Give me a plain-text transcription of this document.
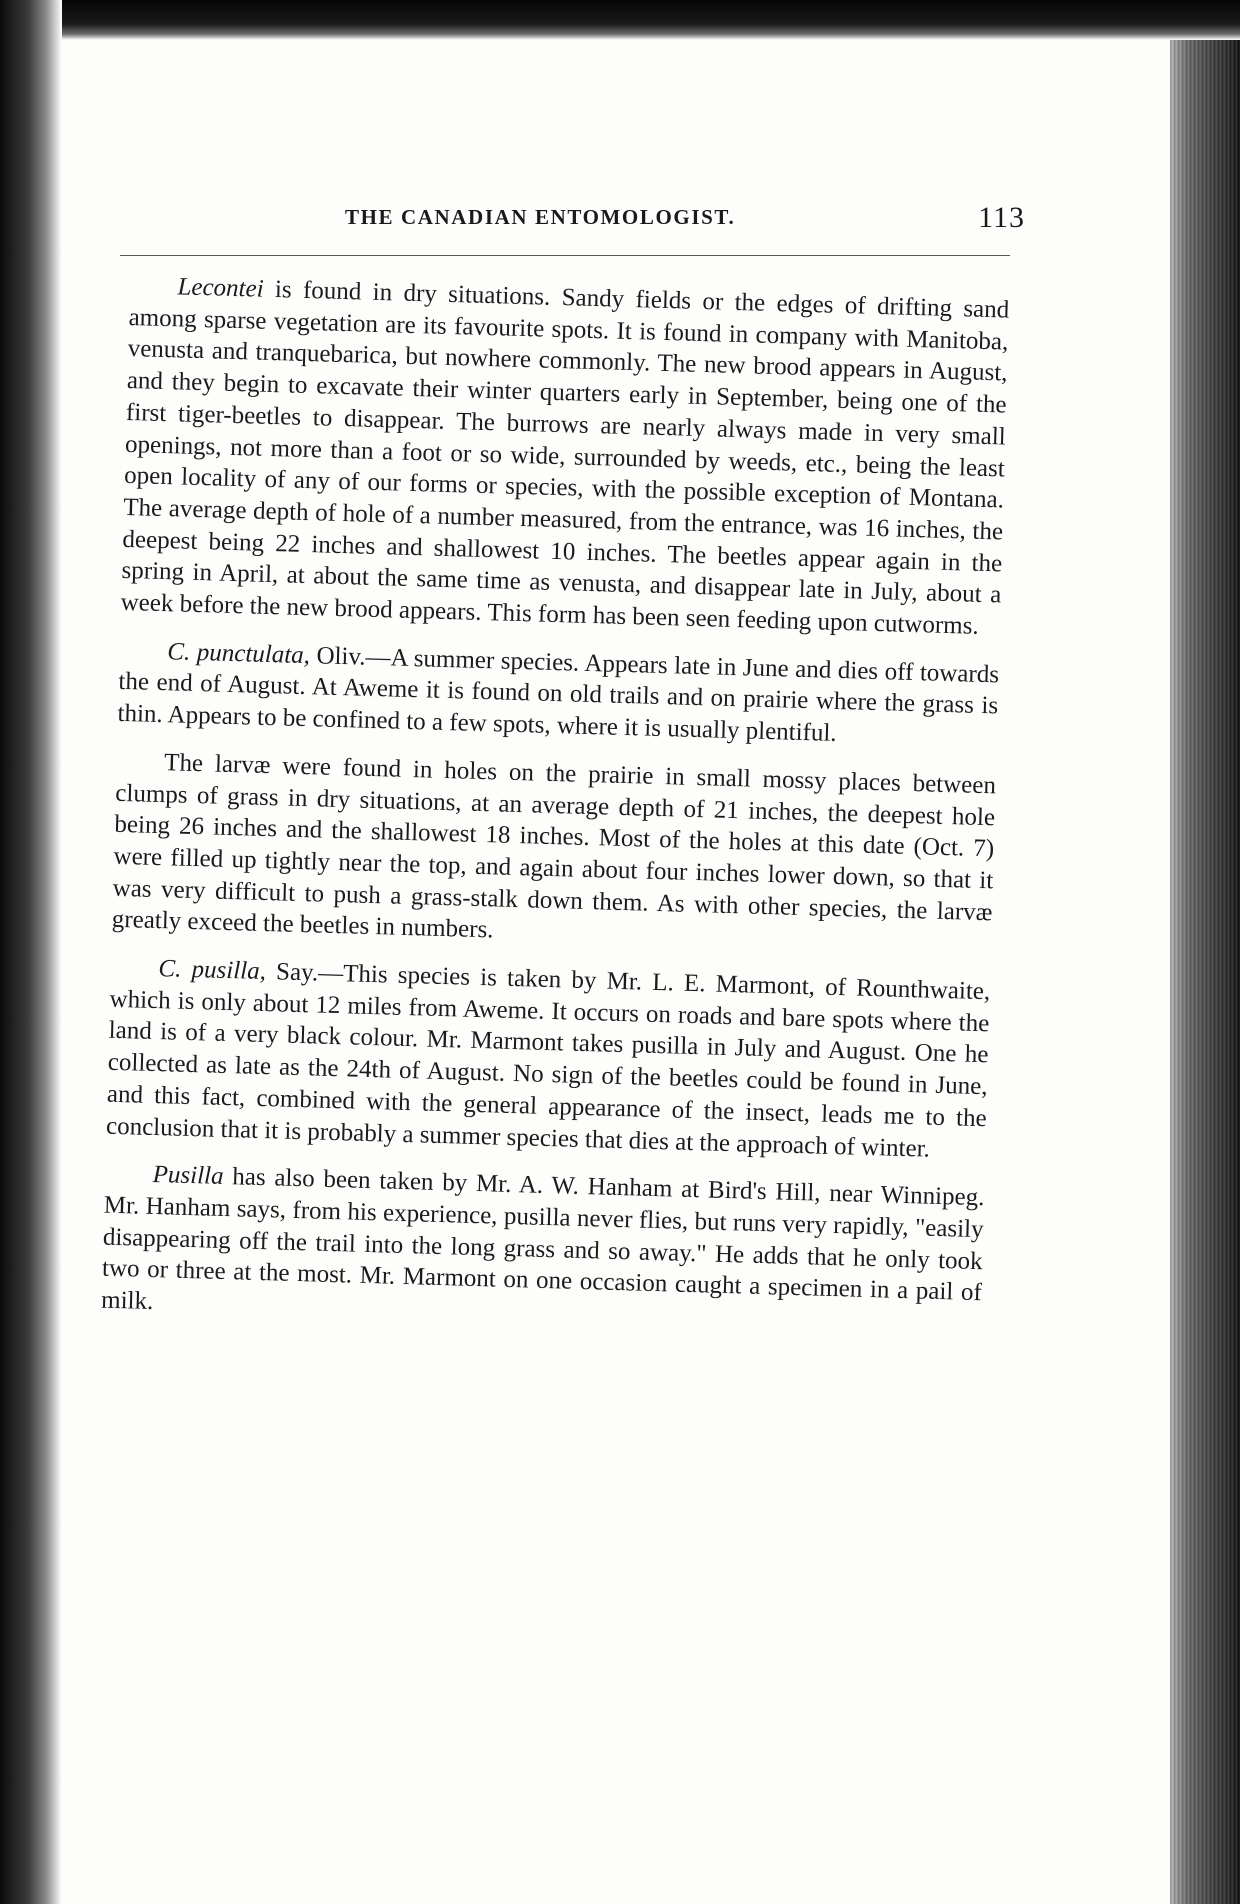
THE CANADIAN ENTOMOLOGIST.	113

Lecontei is found in dry situations. Sandy fields or the edges of drifting sand among sparse vegetation are its favourite spots. It is found in company with Manitoba, venusta and tranquebarica, but nowhere commonly. The new brood appears in August, and they begin to excavate their winter quarters early in September, being one of the first tiger-beetles to disappear. The burrows are nearly always made in very small openings, not more than a foot or so wide, surrounded by weeds, etc., being the least open locality of any of our forms or species, with the possible exception of Montana. The average depth of hole of a number measured, from the entrance, was 16 inches, the deepest being 22 inches and shallowest 10 inches. The beetles appear again in the spring in April, at about the same time as venusta, and disappear late in July, about a week before the new brood appears. This form has been seen feeding upon cutworms.

C. punctulata, Oliv.—A summer species. Appears late in June and dies off towards the end of August. At Aweme it is found on old trails and on prairie where the grass is thin. Appears to be confined to a few spots, where it is usually plentiful.

The larvæ were found in holes on the prairie in small mossy places between clumps of grass in dry situations, at an average depth of 21 inches, the deepest hole being 26 inches and the shallowest 18 inches. Most of the holes at this date (Oct. 7) were filled up tightly near the top, and again about four inches lower down, so that it was very difficult to push a grass-stalk down them. As with other species, the larvæ greatly exceed the beetles in numbers.

C. pusilla, Say.—This species is taken by Mr. L. E. Marmont, of Rounthwaite, which is only about 12 miles from Aweme. It occurs on roads and bare spots where the land is of a very black colour. Mr. Marmont takes pusilla in July and August. One he collected as late as the 24th of August. No sign of the beetles could be found in June, and this fact, combined with the general appearance of the insect, leads me to the conclusion that it is probably a summer species that dies at the approach of winter.

Pusilla has also been taken by Mr. A. W. Hanham at Bird's Hill, near Winnipeg. Mr. Hanham says, from his experience, pusilla never flies, but runs very rapidly, "easily disappearing off the trail into the long grass and so away." He adds that he only took two or three at the most. Mr. Marmont on one occasion caught a specimen in a pail of milk.
